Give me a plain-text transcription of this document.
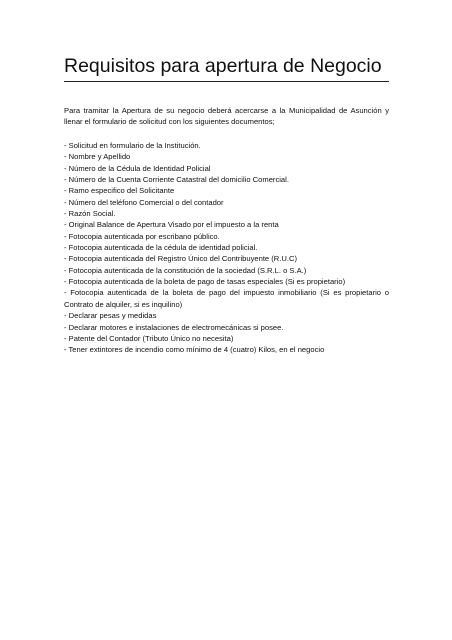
Requisitos para apertura de Negocio
Para tramitar la Apertura de su negocio deberá acercarse a la Municipalidad de Asunción y
llenar el formulario de solicitud con los siguientes documentos;
- Solicitud en formulario de la Institución.
- Nombre y Apellido
- Número de la Cédula de Identidad Policial
- Número de la Cuenta Corriente Catastral del domicilio Comercial.
- Ramo especifico del Solicitante
- Número del teléfono Comercial o del contador
- Razón Social.
- Original Balance de Apertura Visado por el impuesto a la renta
- Fotocopia autenticada por escribano público.
- Fotocopia autenticada de la cédula de identidad policial.
- Fotocopia autenticada del Registro Único del Contribuyente (R.U.C)
- Fotocopia autenticada de la constitución de la sociedad (S.R.L. o S.A.)
- Fotocopia autenticada de la boleta de pago de tasas especiales (Si es propietario)
- Fotocopia autenticada de la boleta de pago del impuesto inmobiliario (Si es propietario o
Contrato de alquiler, si es inquilino)
- Declarar pesas y medidas
- Declarar motores e instalaciones de electromecánicas si posee.
- Patente del Contador (Tributo Único no necesita)
- Tener extintores de incendio como mínimo de 4 (cuatro) Kilos, en el negocio
